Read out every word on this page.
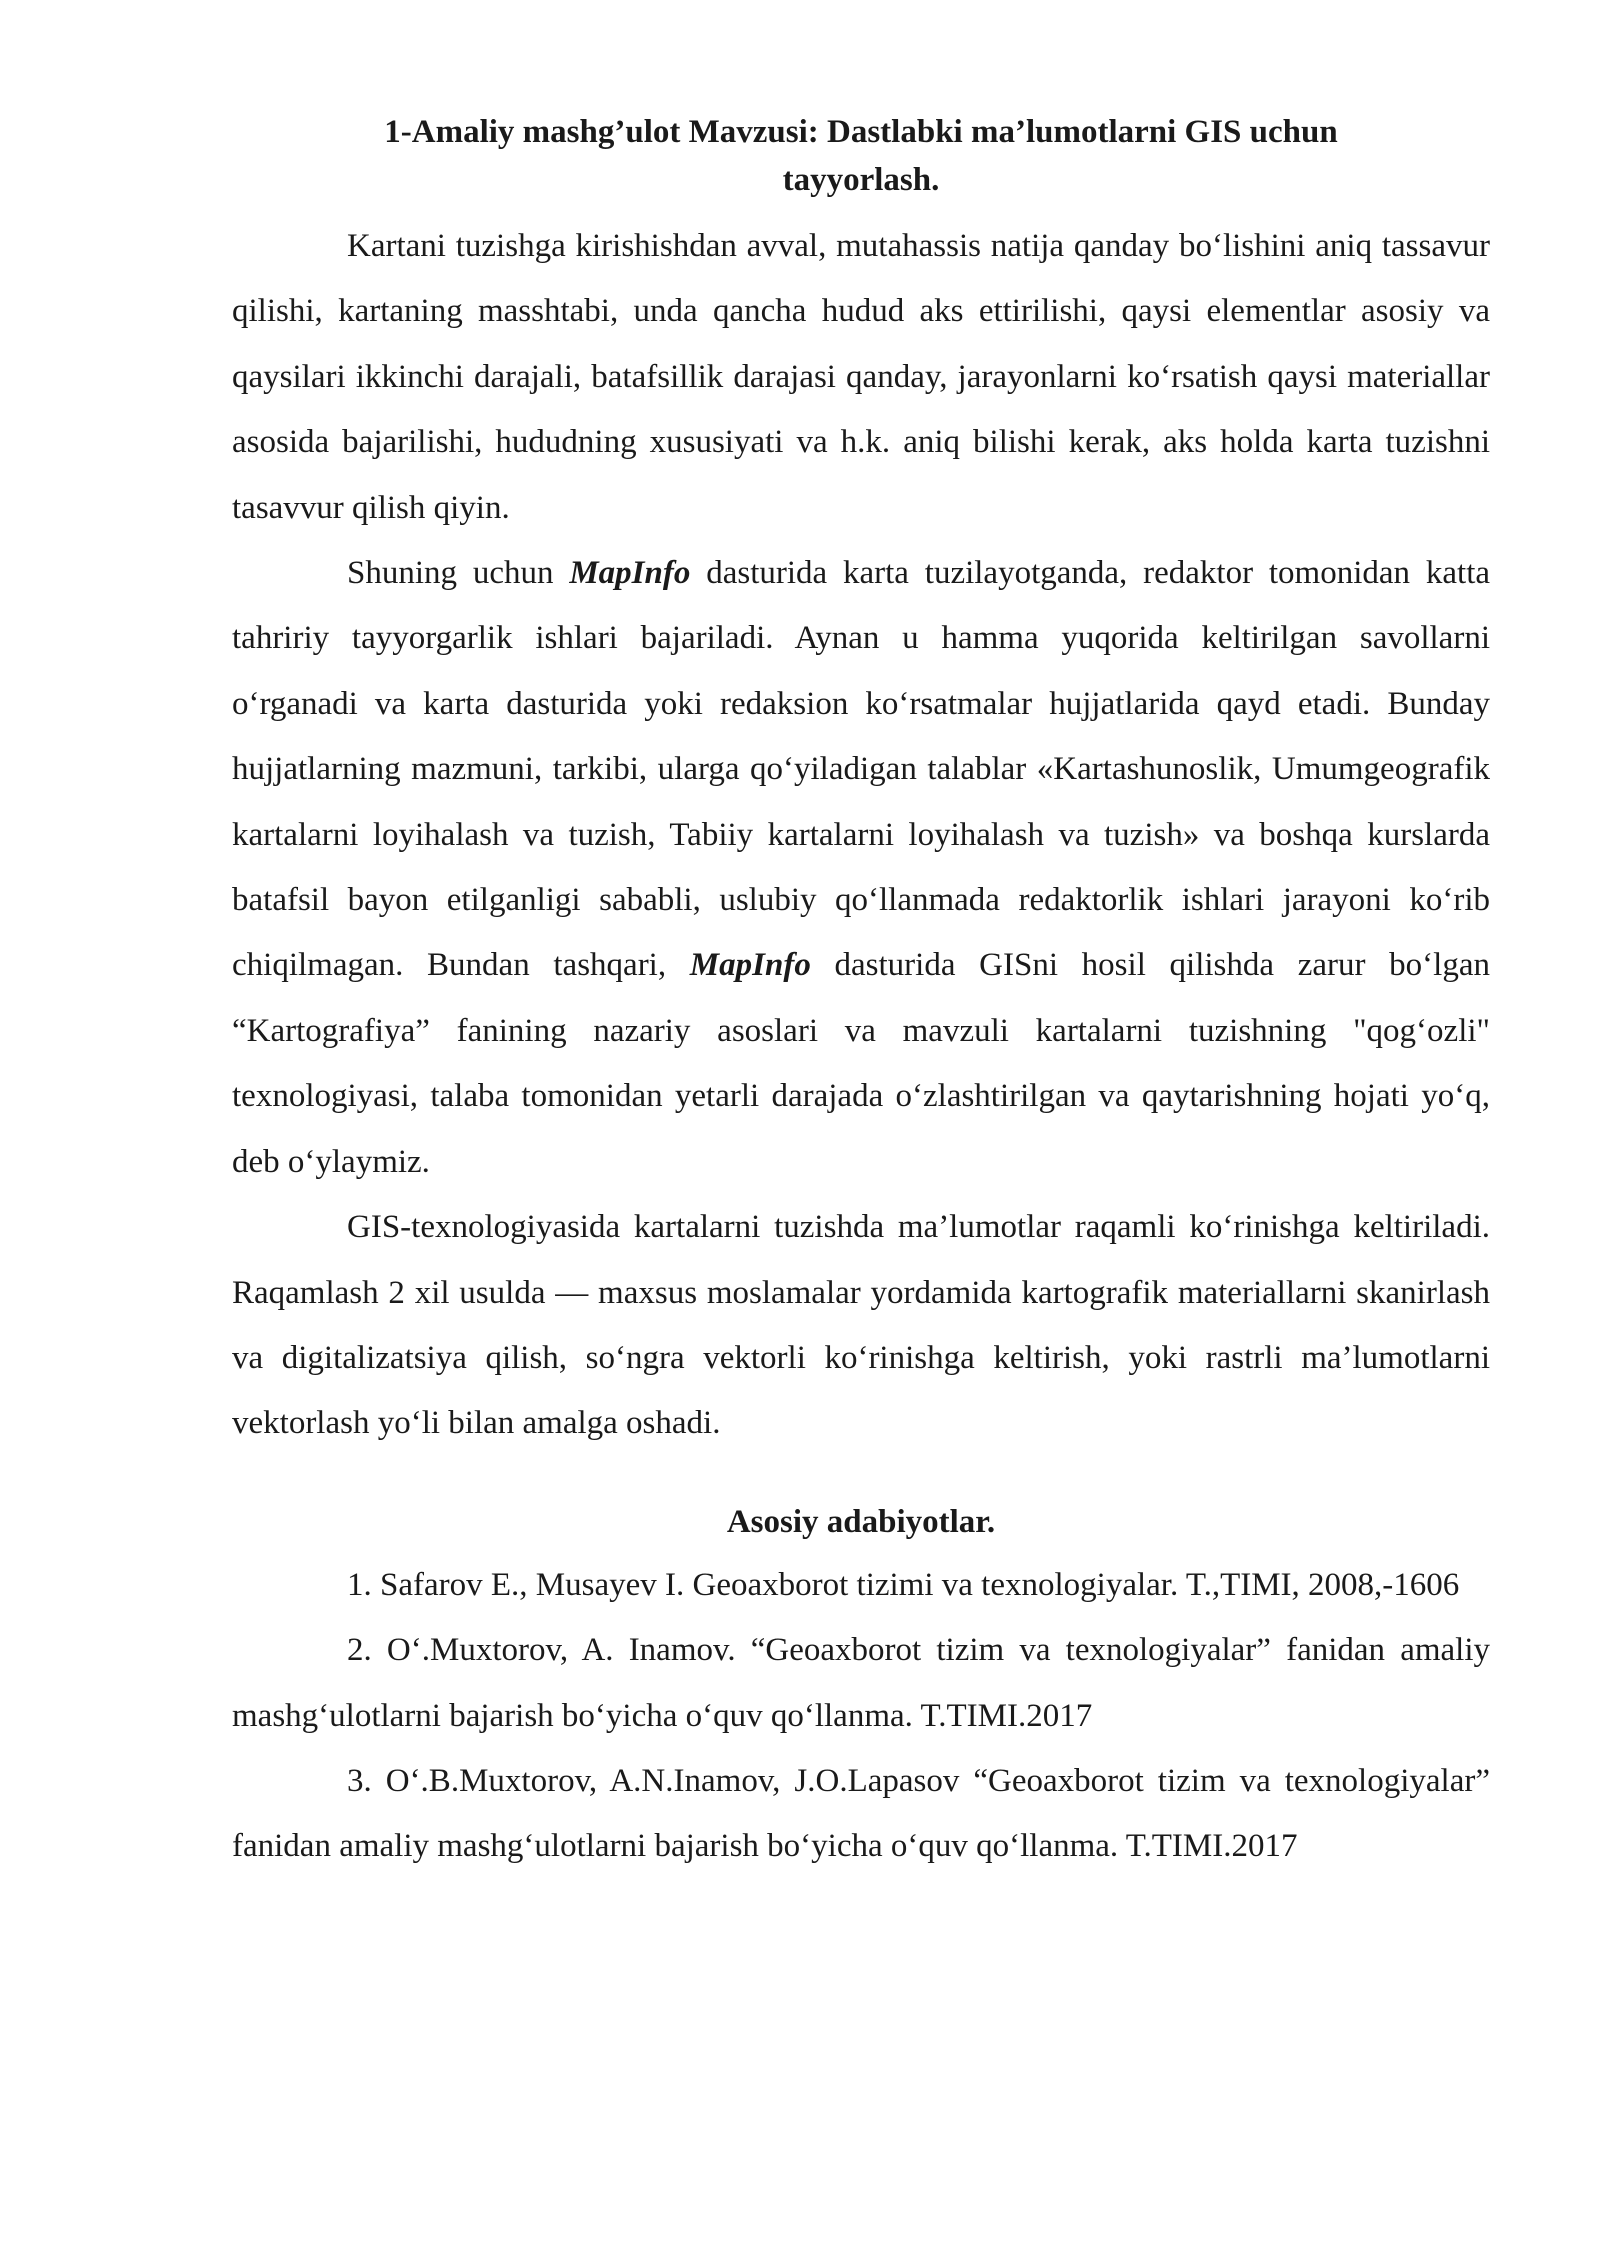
1-Amaliy mashg’ulot Mavzusi: Dastlabki ma’lumotlarni GIS uchun
tayyorlash.

Kartani tuzishga kirishishdan avval, mutahassis natija qanday boʻlishini aniq tassavur qilishi, kartaning masshtabi, unda qancha hudud aks ettirilishi, qaysi elementlar asosiy va qaysilari ikkinchi darajali, batafsillik darajasi qanday, jarayonlarni koʻrsatish qaysi materiallar asosida bajarilishi, hududning xususiyati va h.k. aniq bilishi kerak, aks holda karta tuzishni tasavvur qilish qiyin.

Shuning uchun MapInfo dasturida karta tuzilayotganda, redaktor tomonidan katta tahririy tayyorgarlik ishlari bajariladi. Aynan u hamma yuqorida keltirilgan savollarni oʻrganadi va karta dasturida yoki redaksion koʻrsatmalar hujjatlarida qayd etadi. Bunday hujjatlarning mazmuni, tarkibi, ularga qoʻyiladigan talablar «Kartashunoslik, Umumgeografik kartalarni loyihalash va tuzish, Tabiiy kartalarni loyihalash va tuzish» va boshqa kurslarda batafsil bayon etilganligi sababli, uslubiy qoʻllanmada redaktorlik ishlari jarayoni koʻrib chiqilmagan. Bundan tashqari, MapInfo dasturida GISni hosil qilishda zarur boʻlgan “Kartografiya” fanining nazariy asoslari va mavzuli kartalarni tuzishning "qogʻozli" texnologiyasi, talaba tomonidan yetarli darajada oʻzlashtirilgan va qaytarishning hojati yoʻq, deb oʻylaymiz.

GIS-texnologiyasida kartalarni tuzishda ma’lumotlar raqamli koʻrinishga keltiriladi. Raqamlash 2 xil usulda — maxsus moslamalar yordamida kartografik materiallarni skanirlash va digitalizatsiya qilish, soʻngra vektorli koʻrinishga keltirish, yoki rastrli ma’lumotlarni vektorlash yoʻli bilan amalga oshadi.

Asosiy adabiyotlar.
1. Safarov E., Musayev I. Geoaxborot tizimi va texnologiyalar. T.,TIMI, 2008,-1606
2. Oʻ.Muxtorov, A. Inamov. “Geoaxborot tizim va texnologiyalar” fanidan amaliy mashgʻulotlarni bajarish boʻyicha oʻquv qoʻllanma. T.TIMI.2017
3. Oʻ.B.Muxtorov, A.N.Inamov, J.O.Lapasov “Geoaxborot tizim va texnologiyalar” fanidan amaliy mashgʻulotlarni bajarish boʻyicha oʻquv qoʻllanma. T.TIMI.2017
